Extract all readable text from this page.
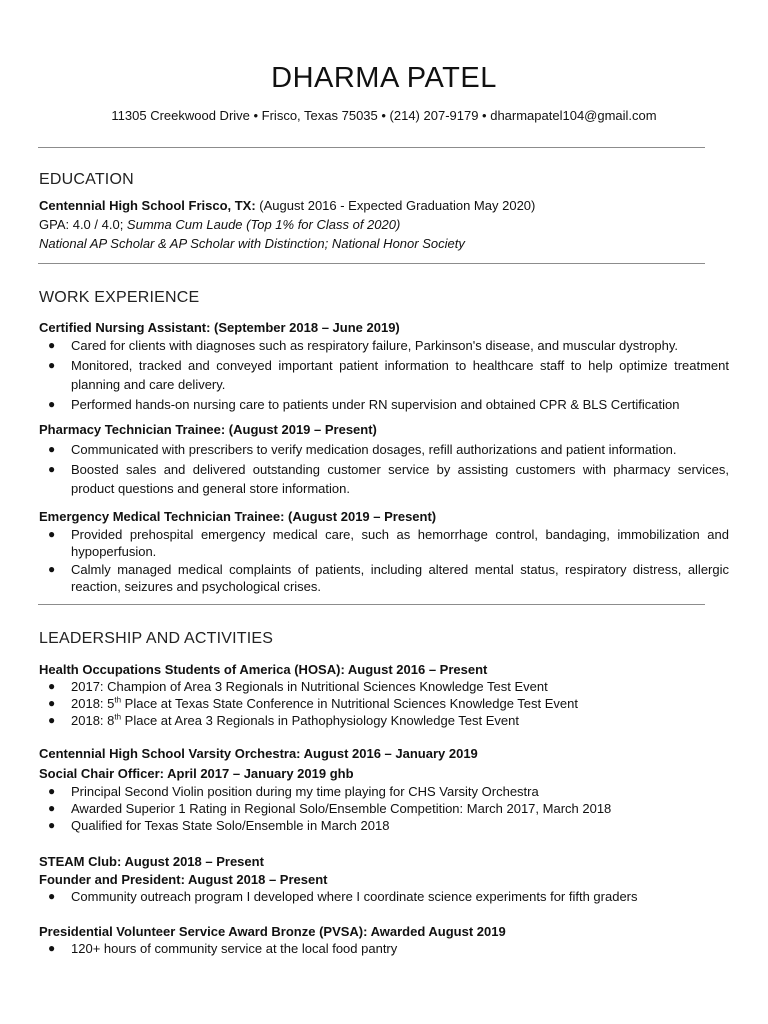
DHARMA PATEL
11305 Creekwood Drive • Frisco, Texas 75035 • (214) 207-9179 • dharmapatel104@gmail.com
EDUCATION
Centennial High School Frisco, TX: (August 2016 - Expected Graduation May 2020)
GPA: 4.0 / 4.0; Summa Cum Laude (Top 1% for Class of 2020)
National AP Scholar & AP Scholar with Distinction; National Honor Society
WORK EXPERIENCE
Certified Nursing Assistant: (September 2018 – June 2019)
● Cared for clients with diagnoses such as respiratory failure, Parkinson's disease, and muscular dystrophy.
● Monitored, tracked and conveyed important patient information to healthcare staff to help optimize treatment planning and care delivery.
● Performed hands-on nursing care to patients under RN supervision and obtained CPR & BLS Certification
Pharmacy Technician Trainee: (August 2019 – Present)
● Communicated with prescribers to verify medication dosages, refill authorizations and patient information.
● Boosted sales and delivered outstanding customer service by assisting customers with pharmacy services, product questions and general store information.
Emergency Medical Technician Trainee: (August 2019 – Present)
● Provided prehospital emergency medical care, such as hemorrhage control, bandaging, immobilization and hypoperfusion.
● Calmly managed medical complaints of patients, including altered mental status, respiratory distress, allergic reaction, seizures and psychological crises.
LEADERSHIP AND ACTIVITIES
Health Occupations Students of America (HOSA): August 2016 – Present
● 2017: Champion of Area 3 Regionals in Nutritional Sciences Knowledge Test Event
● 2018: 5th Place at Texas State Conference in Nutritional Sciences Knowledge Test Event
● 2018: 8th Place at Area 3 Regionals in Pathophysiology Knowledge Test Event
Centennial High School Varsity Orchestra: August 2016 – January 2019
Social Chair Officer: April 2017 – January 2019 ghb
● Principal Second Violin position during my time playing for CHS Varsity Orchestra
● Awarded Superior 1 Rating in Regional Solo/Ensemble Competition: March 2017, March 2018
● Qualified for Texas State Solo/Ensemble in March 2018
STEAM Club: August 2018 – Present
Founder and President: August 2018 – Present
● Community outreach program I developed where I coordinate science experiments for fifth graders
Presidential Volunteer Service Award Bronze (PVSA): Awarded August 2019
● 120+ hours of community service at the local food pantry
